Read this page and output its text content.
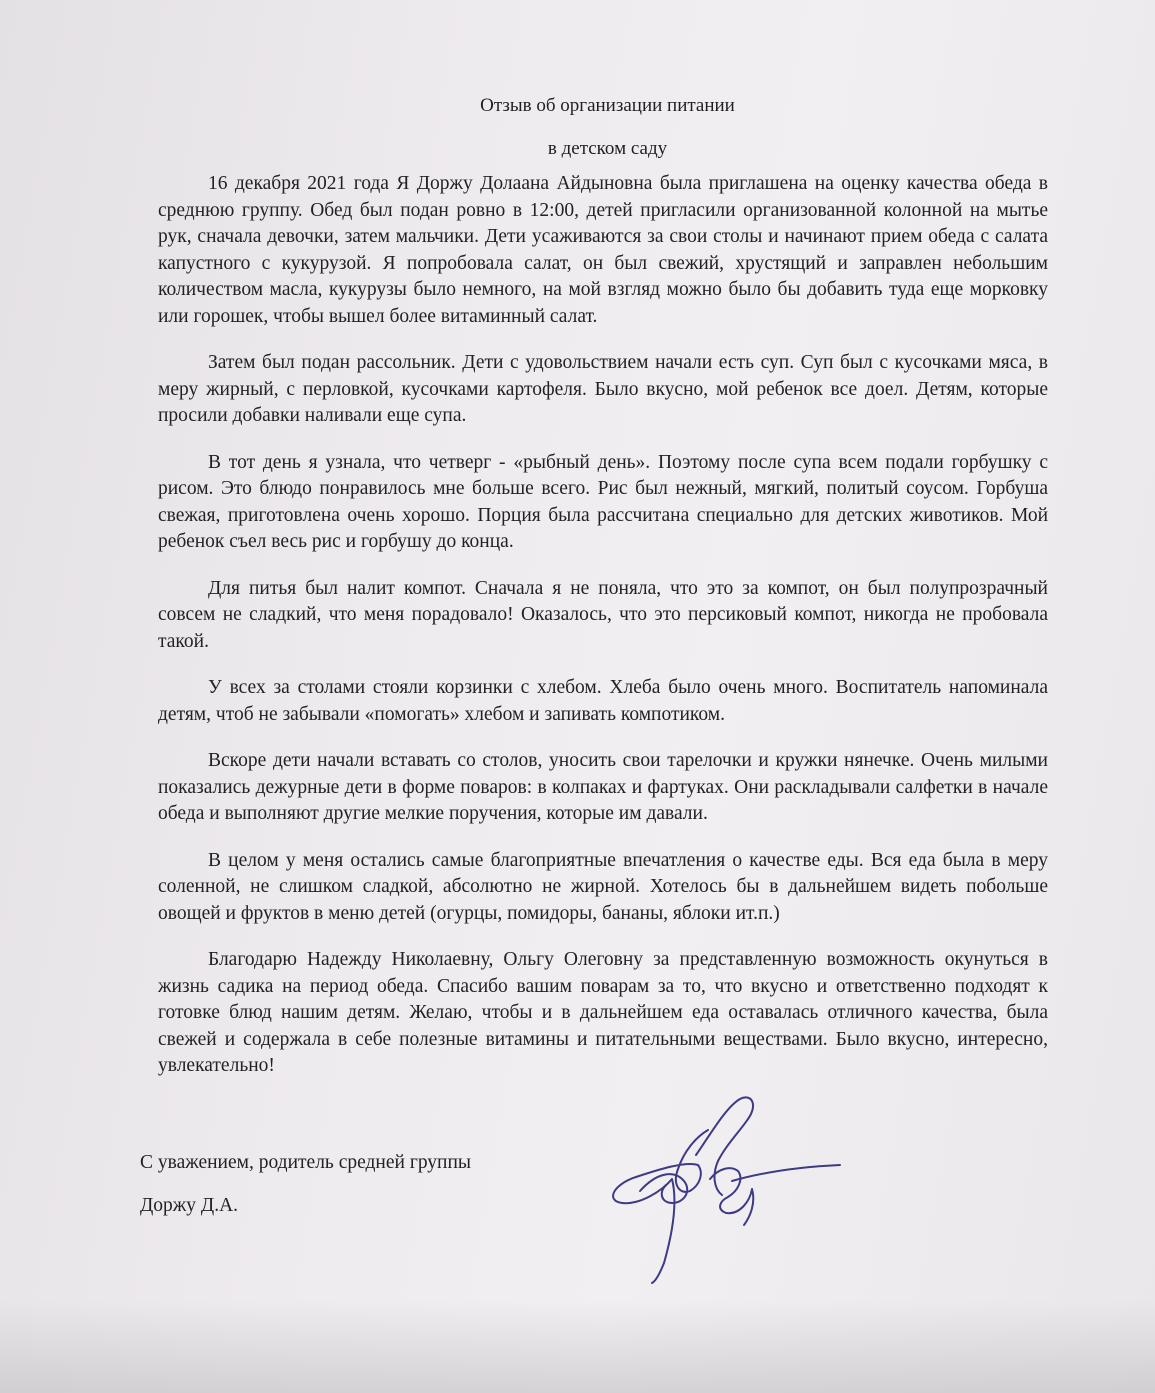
Отзыв об организации питании
в детском саду

16 декабря 2021 года Я Доржу Долаана Айдыновна была приглашена на оценку качества обеда в среднюю группу. Обед был подан ровно в 12:00, детей пригласили организованной колонной на мытье рук, сначала девочки, затем мальчики. Дети усаживаются за свои столы и начинают прием обеда с салата капустного с кукурузой. Я попробовала салат, он был свежий, хрустящий и заправлен небольшим количеством масла, кукурузы было немного, на мой взгляд можно было бы добавить туда еще морковку или горошек, чтобы вышел более витаминный салат.

Затем был подан рассольник. Дети с удовольствием начали есть суп. Суп был с кусочками мяса, в меру жирный, с перловкой, кусочками картофеля. Было вкусно, мой ребенок все доел. Детям, которые просили добавки наливали еще супа.

В тот день я узнала, что четверг - «рыбный день». Поэтому после супа всем подали горбушку с рисом. Это блюдо понравилось мне больше всего. Рис был нежный, мягкий, политый соусом. Горбуша свежая, приготовлена очень хорошо. Порция была рассчитана специально для детских животиков. Мой ребенок съел весь рис и горбушу до конца.

Для питья был налит компот. Сначала я не поняла, что это за компот, он был полупрозрачный совсем не сладкий, что меня порадовало! Оказалось, что это персиковый компот, никогда не пробовала такой.

У всех за столами стояли корзинки с хлебом. Хлеба было очень много. Воспитатель напоминала детям, чтоб не забывали «помогать» хлебом и запивать компотиком.

Вскоре дети начали вставать со столов, уносить свои тарелочки и кружки нянечке. Очень милыми показались дежурные дети в форме поваров: в колпаках и фартуках. Они раскладывали салфетки в начале обеда и выполняют другие мелкие поручения, которые им давали.

В целом у меня остались самые благоприятные впечатления о качестве еды. Вся еда была в меру соленной, не слишком сладкой, абсолютно не жирной. Хотелось бы в дальнейшем видеть побольше овощей и фруктов в меню детей (огурцы, помидоры, бананы, яблоки ит.п.)

Благодарю Надежду Николаевну, Ольгу Олеговну за представленную возможность окунуться в жизнь садика на период обеда. Спасибо вашим поварам за то, что вкусно и ответственно подходят к готовке блюд нашим детям. Желаю, чтобы и в дальнейшем еда оставалась отличного качества, была свежей и содержала в себе полезные витамины и питательными веществами. Было вкусно, интересно, увлекательно!

С уважением, родитель средней группы

Доржу Д.А.
